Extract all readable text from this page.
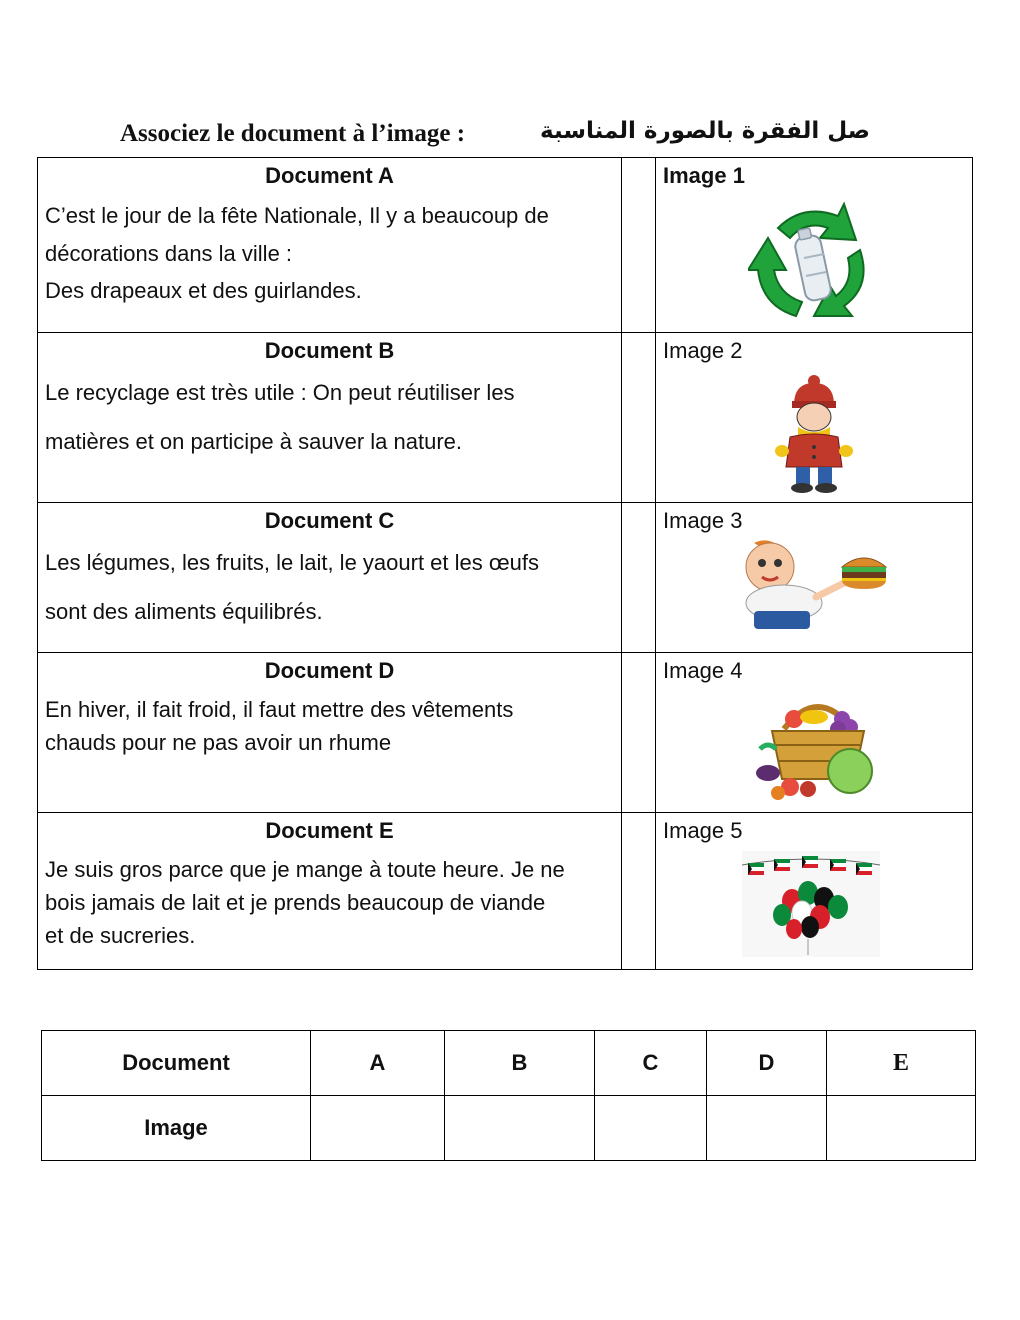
Associez le document à l’image :	صل الفقرة بالصورة المناسبة
Document A

C’est le jour de la fête Nationale, Il y a beaucoup de

décorations dans la ville :

Des drapeaux et des guirlandes.

Image 1
Document B

Le recyclage est très utile : On peut réutiliser les

matières et on participe à sauver la nature.

Image 2
Document C

Les légumes, les fruits, le lait, le yaourt et les œufs

sont des aliments équilibrés.

Image 3
Document D

En hiver, il fait froid, il faut mettre des vêtements

chauds pour ne pas avoir un rhume

Image 4
Document E

Je suis gros parce que je mange à toute heure. Je ne

bois jamais de lait et je prends beaucoup de viande

et de sucreries.

Image 5
Document	A	B	C	D	E
Image					
